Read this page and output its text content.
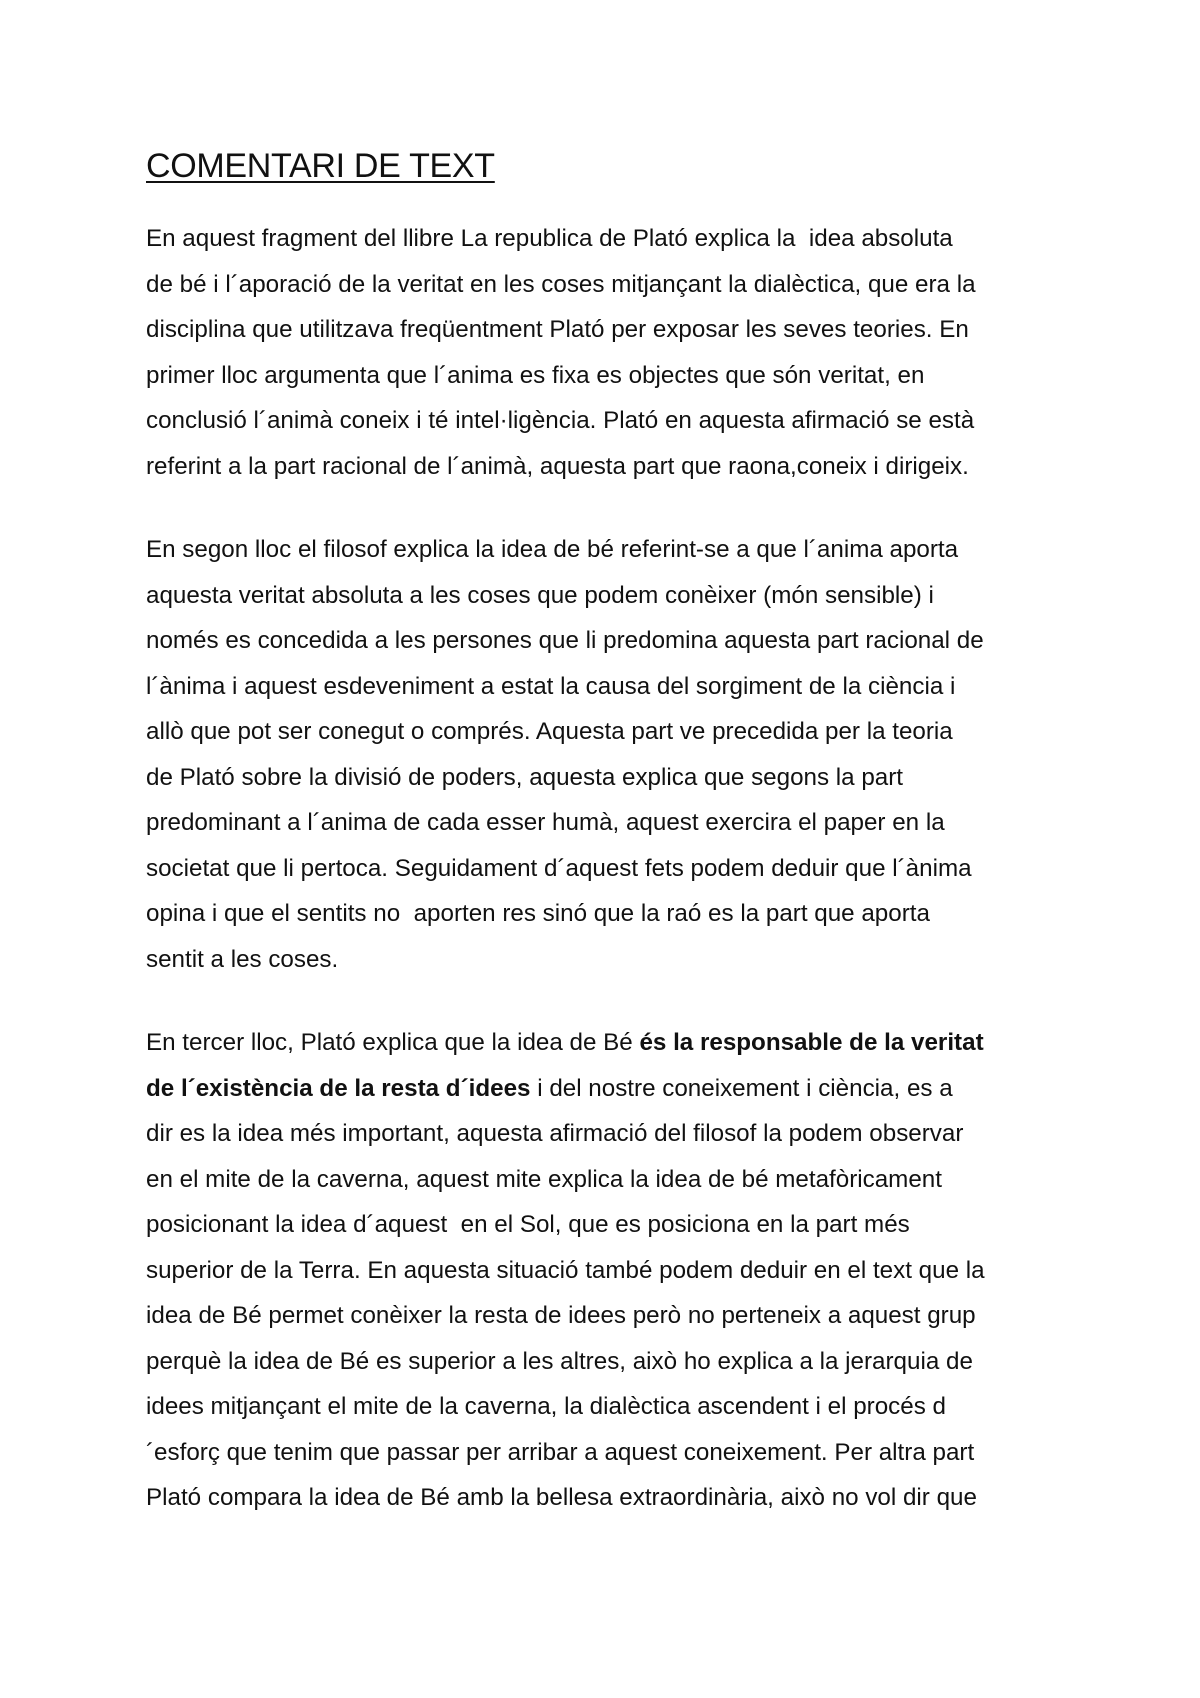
COMENTARI DE TEXT

En aquest fragment del llibre La republica de Plató explica la  idea absoluta

de bé i l´aporació de la veritat en les coses mitjançant la dialèctica, que era la

disciplina que utilitzava freqüentment Plató per exposar les seves teories. En

primer lloc argumenta que l´anima es fixa es objectes que són veritat, en

conclusió l´animà coneix i té intel·ligència. Plató en aquesta afirmació se està

referint a la part racional de l´animà, aquesta part que raona,coneix i dirigeix.

En segon lloc el filosof explica la idea de bé referint-se a que l´anima aporta

aquesta veritat absoluta a les coses que podem conèixer (món sensible) i

només es concedida a les persones que li predomina aquesta part racional de

l´ànima i aquest esdeveniment a estat la causa del sorgiment de la ciència i

allò que pot ser conegut o comprés. Aquesta part ve precedida per la teoria

de Plató sobre la divisió de poders, aquesta explica que segons la part

predominant a l´anima de cada esser humà, aquest exercira el paper en la

societat que li pertoca. Seguidament d´aquest fets podem deduir que l´ànima

opina i que el sentits no  aporten res sinó que la raó es la part que aporta

sentit a les coses.

En tercer lloc, Plató explica que la idea de Bé és la responsable de la veritat

de l´existència de la resta d´idees i del nostre coneixement i ciència, es a

dir es la idea més important, aquesta afirmació del filosof la podem observar

en el mite de la caverna, aquest mite explica la idea de bé metafòricament

posicionant la idea d´aquest  en el Sol, que es posiciona en la part més

superior de la Terra. En aquesta situació també podem deduir en el text que la

idea de Bé permet conèixer la resta de idees però no perteneix a aquest grup

perquè la idea de Bé es superior a les altres, això ho explica a la jerarquia de

idees mitjançant el mite de la caverna, la dialèctica ascendent i el procés d

´esforç que tenim que passar per arribar a aquest coneixement. Per altra part

Plató compara la idea de Bé amb la bellesa extraordinària, això no vol dir que
